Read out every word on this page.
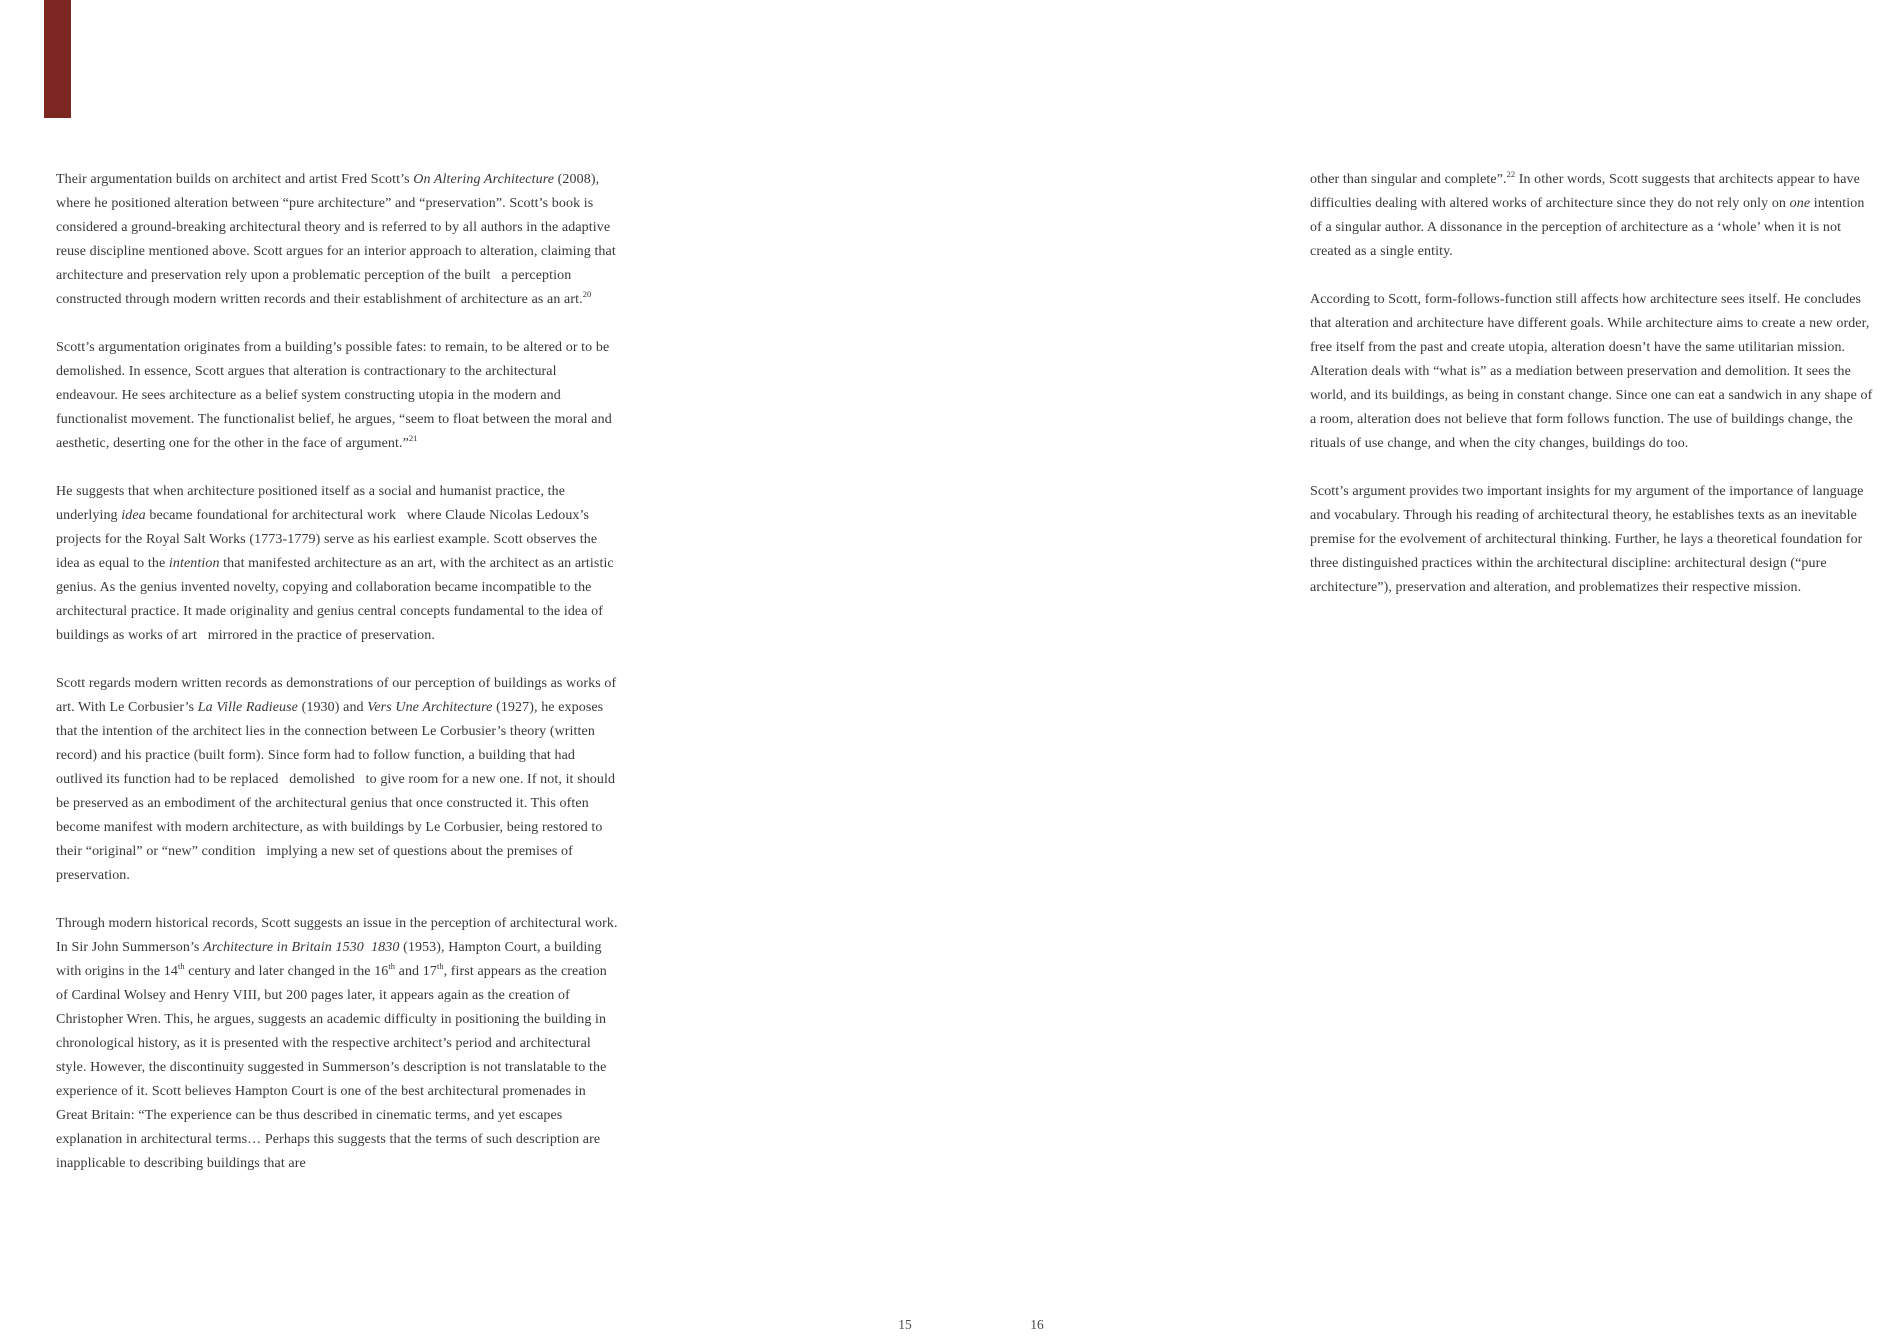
Their argumentation builds on architect and artist Fred Scott’s On Altering Architecture (2008), where he positioned alteration between “pure architecture” and “preservation”. Scott’s book is considered a ground-breaking architectural theory and is referred to by all authors in the adaptive reuse discipline mentioned above. Scott argues for an interior approach to alteration, claiming that architecture and preservation rely upon a problematic perception of the built   a perception constructed through modern written records and their establishment of architecture as an art.$^{20}$

Scott’s argumentation originates from a building’s possible fates: to remain, to be altered or to be demolished. In essence, Scott argues that alteration is contractionary to the architectural endeavour. He sees architecture as a belief system constructing utopia in the modern and functionalist movement. The functionalist belief, he argues, “seem to float between the moral and aesthetic, deserting one for the other in the face of argument.”$^{21}$

He suggests that when architecture positioned itself as a social and humanist practice, the underlying idea became foundational for architectural work   where Claude Nicolas Ledoux’s projects for the Royal Salt Works (1773-1779) serve as his earliest example. Scott observes the idea as equal to the intention that manifested architecture as an art, with the architect as an artistic genius. As the genius invented novelty, copying and collaboration became incompatible to the architectural practice. It made originality and genius central concepts fundamental to the idea of buildings as works of art   mirrored in the practice of preservation.

Scott regards modern written records as demonstrations of our perception of buildings as works of art. With Le Corbusier’s La Ville Radieuse (1930) and Vers Une Architecture (1927), he exposes that the intention of the architect lies in the connection between Le Corbusier’s theory (written record) and his practice (built form). Since form had to follow function, a building that had outlived its function had to be replaced   demolished   to give room for a new one. If not, it should be preserved as an embodiment of the architectural genius that once constructed it. This often become manifest with modern architecture, as with buildings by Le Corbusier, being restored to their “original” or “new” condition   implying a new set of questions about the premises of preservation.

Through modern historical records, Scott suggests an issue in the perception of architectural work. In Sir John Summerson’s Architecture in Britain 1530  1830 (1953), Hampton Court, a building with origins in the 14th century and later changed in the 16th and 17th, first appears as the creation of Cardinal Wolsey and Henry VIII, but 200 pages later, it appears again as the creation of Christopher Wren. This, he argues, suggests an academic difficulty in positioning the building in chronological history, as it is presented with the respective architect’s period and architectural style. However, the discontinuity suggested in Summerson’s description is not translatable to the experience of it. Scott believes Hampton Court is one of the best architectural promenades in Great Britain: “The experience can be thus described in cinematic terms, and yet escapes explanation in architectural terms… Perhaps this suggests that the terms of such description are inapplicable to describing buildings that are

other than singular and complete”.$^{22}$ In other words, Scott suggests that architects appear to have difficulties dealing with altered works of architecture since they do not rely only on one intention of a singular author. A dissonance in the perception of architecture as a ‘whole’ when it is not created as a single entity.

According to Scott, form-follows-function still affects how architecture sees itself. He concludes that alteration and architecture have different goals. While architecture aims to create a new order, free itself from the past and create utopia, alteration doesn’t have the same utilitarian mission. Alteration deals with “what is” as a mediation between preservation and demolition. It sees the world, and its buildings, as being in constant change. Since one can eat a sandwich in any shape of a room, alteration does not believe that form follows function. The use of buildings change, the rituals of use change, and when the city changes, buildings do too.

Scott’s argument provides two important insights for my argument of the importance of language and vocabulary. Through his reading of architectural theory, he establishes texts as an inevitable premise for the evolvement of architectural thinking. Further, he lays a theoretical foundation for three distinguished practices within the architectural discipline: architectural design (“pure architecture”), preservation and alteration, and problematizes their respective mission.

15	16
